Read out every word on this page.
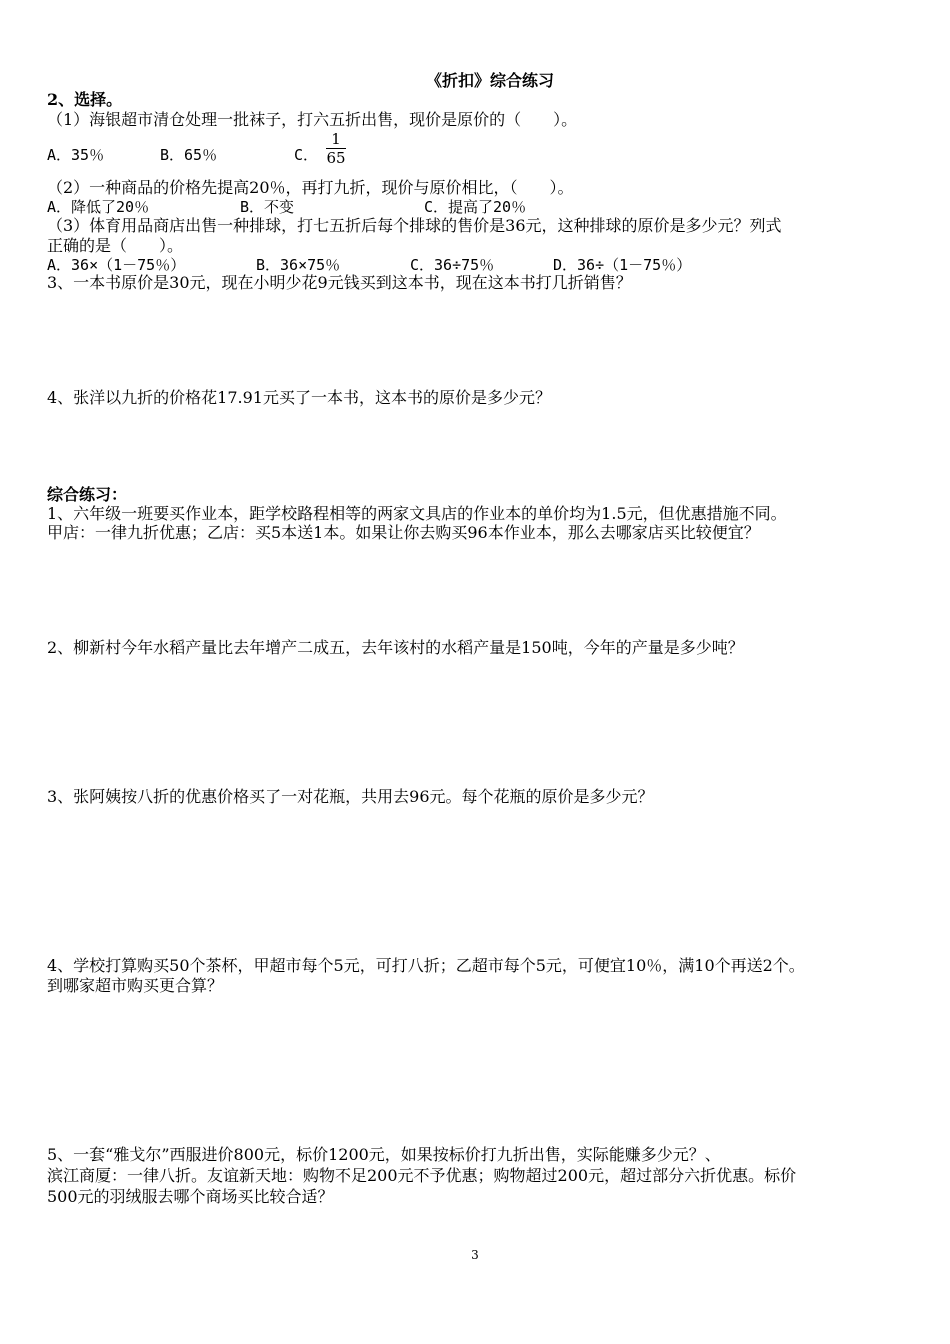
《折扣》综合练习
2、选择。
（1）海银超市清仓处理一批袜子，打六五折出售，现价是原价的（　　）。
A．35％	B．65％	C．
1
65
（2）一种商品的价格先提高20％，再打九折，现价与原价相比，（　　）。
A．降低了20％	B．不变	C．提高了20％
（3）体育用品商店出售一种排球，打七五折后每个排球的售价是36元，这种排球的原价是多少元？列式
正确的是（　　）。
A．36×（1－75％）	B．36×75％	C．36÷75％	D．36÷（1－75％）
3、一本书原价是30元，现在小明少花9元钱买到这本书，现在这本书打几折销售？
4、张洋以九折的价格花17.91元买了一本书，这本书的原价是多少元？
综合练习：
1、六年级一班要买作业本，距学校路程相等的两家文具店的作业本的单价均为1.5元，但优惠措施不同。
甲店：一律九折优惠；乙店：买5本送1本。如果让你去购买96本作业本，那么去哪家店买比较便宜？
2、柳新村今年水稻产量比去年增产二成五，去年该村的水稻产量是150吨，今年的产量是多少吨？
3、张阿姨按八折的优惠价格买了一对花瓶，共用去96元。每个花瓶的原价是多少元？
4、学校打算购买50个茶杯，甲超市每个5元，可打八折；乙超市每个5元，可便宜10％，满10个再送2个。
到哪家超市购买更合算？
5、一套“雅戈尔”西服进价800元，标价1200元，如果按标价打九折出售，实际能赚多少元？、
滨江商厦：一律八折。友谊新天地：购物不足200元不予优惠；购物超过200元，超过部分六折优惠。标价
500元的羽绒服去哪个商场买比较合适？
3
